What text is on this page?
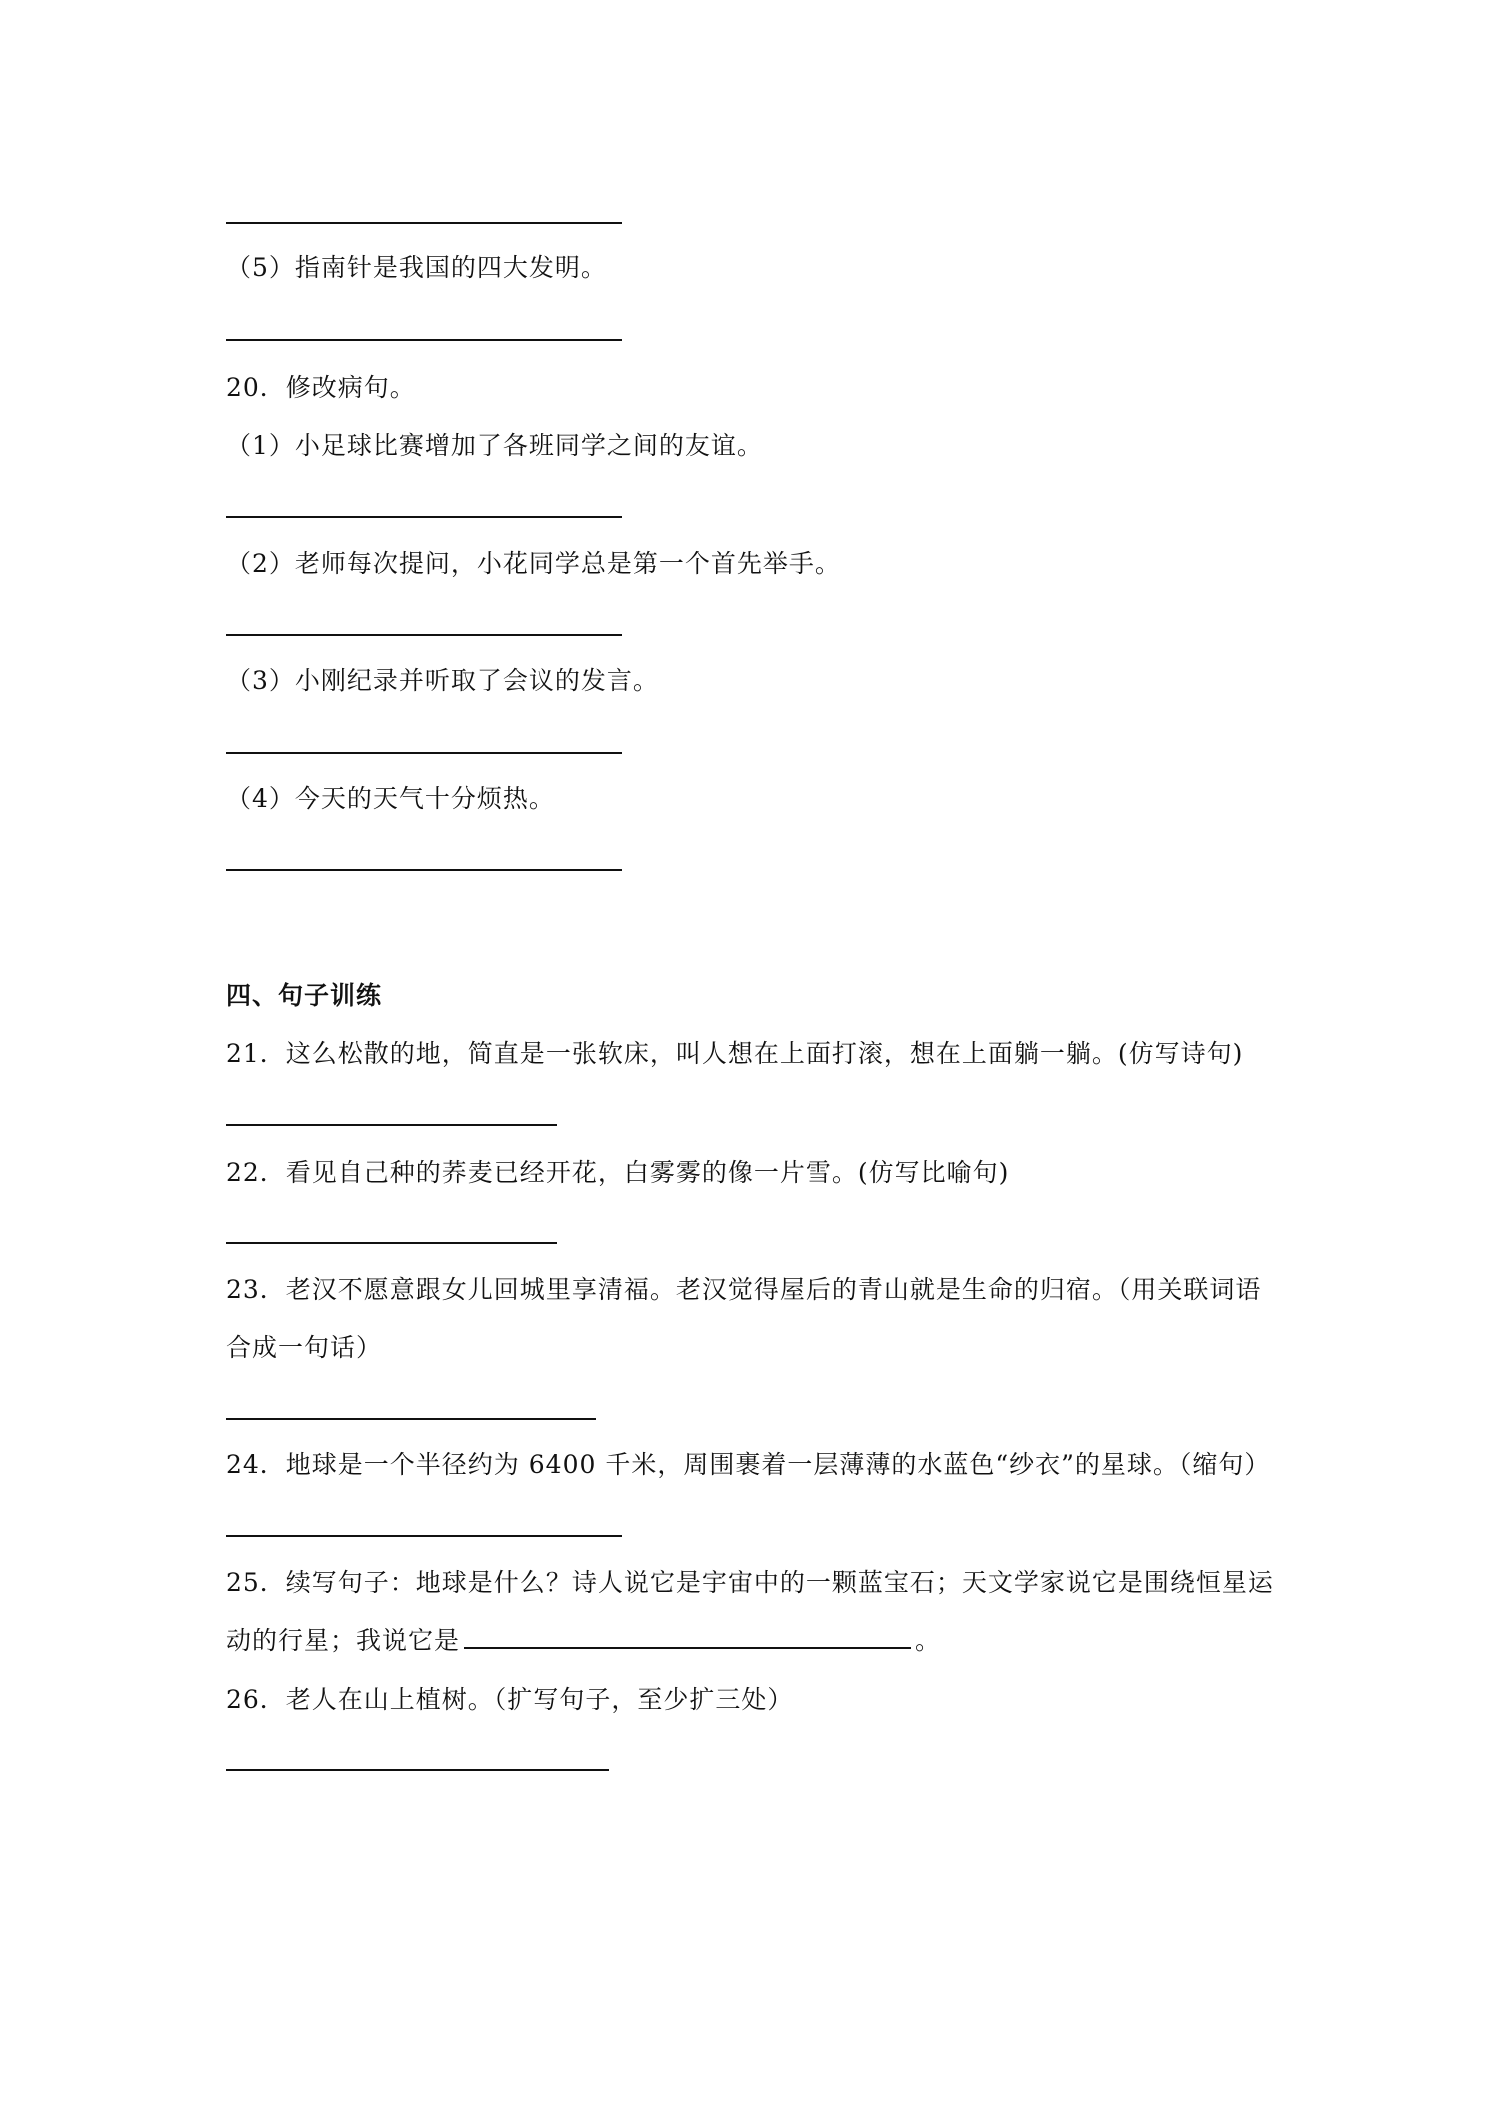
（5）指南针是我国的四大发明。
20．修改病句。
（1）小足球比赛增加了各班同学之间的友谊。
（2）老师每次提问，小花同学总是第一个首先举手。
（3）小刚纪录并听取了会议的发言。
（4）今天的天气十分烦热。
四、句子训练
21．这么松散的地，简直是一张软床，叫人想在上面打滚，想在上面躺一躺。(仿写诗句)
22．看见自己种的荞麦已经开花，白雾雾的像一片雪。(仿写比喻句)
23．老汉不愿意跟女儿回城里享清福。老汉觉得屋后的青山就是生命的归宿。（用关联词语
合成一句话）
24．地球是一个半径约为 6400 千米，周围裹着一层薄薄的水蓝色“纱衣”的星球。（缩句）
25．续写句子：地球是什么？诗人说它是宇宙中的一颗蓝宝石；天文学家说它是围绕恒星运
动的行星；我说它是	。
26．老人在山上植树。（扩写句子，至少扩三处）
